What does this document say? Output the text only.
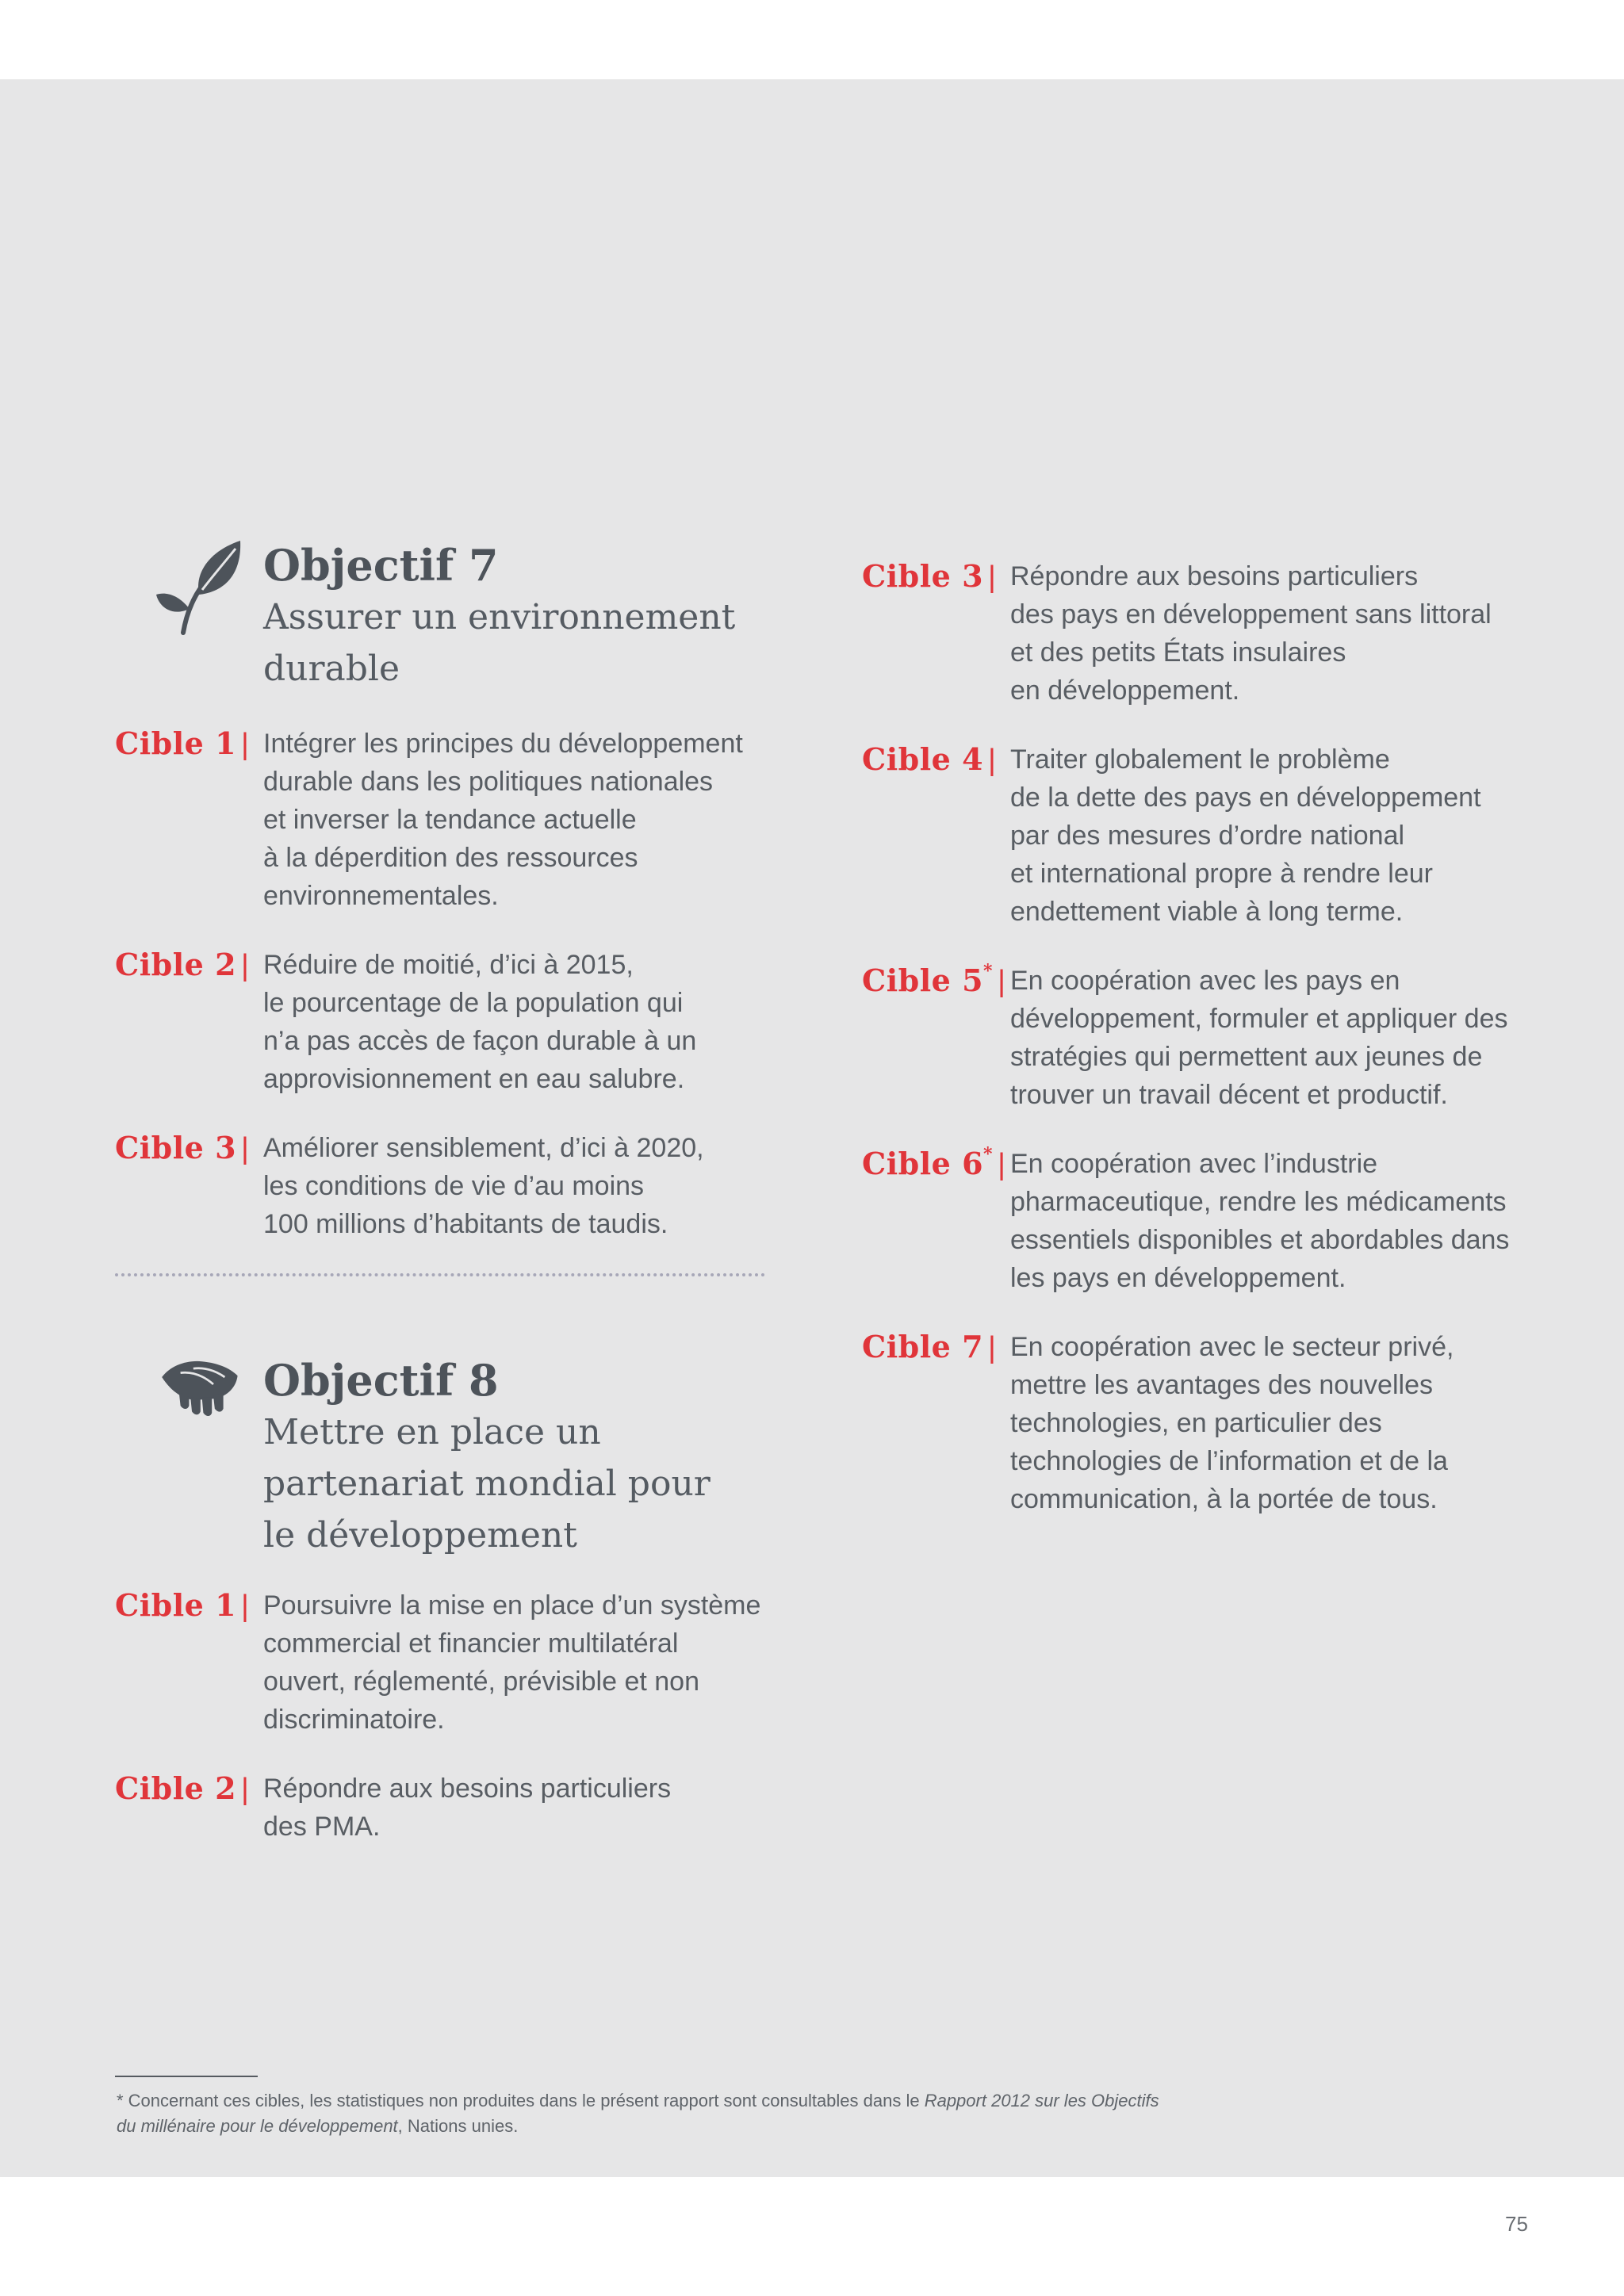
Objectif 7

Assurer un environnement
durable

Cible 1 | Intégrer les principes du développement
durable dans les politiques nationales
et inverser la tendance actuelle
à la déperdition des ressources
environnementales.

Cible 2 | Réduire de moitié, d’ici à 2015,
le pourcentage de la population qui
n’a pas accès de façon durable à un
approvisionnement en eau salubre.

Cible 3 | Améliorer sensiblement, d’ici à 2020,
les conditions de vie d’au moins
100 millions d’habitants de taudis.

Objectif 8

Mettre en place un
partenariat mondial pour
le développement

Cible 1 | Poursuivre la mise en place d’un système
commercial et financier multilatéral
ouvert, réglementé, prévisible et non
discriminatoire.

Cible 2 | Répondre aux besoins particuliers
des PMA.

Cible 3 | Répondre aux besoins particuliers
des pays en développement sans littoral
et des petits États insulaires
en développement.

Cible 4 | Traiter globalement le problème
de la dette des pays en développement
par des mesures d’ordre national
et international propre à rendre leur
endettement viable à long terme.

Cible 5* | En coopération avec les pays en
développement, formuler et appliquer des
stratégies qui permettent aux jeunes de
trouver un travail décent et productif.

Cible 6* | En coopération avec l’industrie
pharmaceutique, rendre les médicaments
essentiels disponibles et abordables dans
les pays en développement.

Cible 7 | En coopération avec le secteur privé,
mettre les avantages des nouvelles
technologies, en particulier des
technologies de l’information et de la
communication, à la portée de tous.

* Concernant ces cibles, les statistiques non produites dans le présent rapport sont consultables dans le Rapport 2012 sur les Objectifs
du millénaire pour le développement, Nations unies.
75
